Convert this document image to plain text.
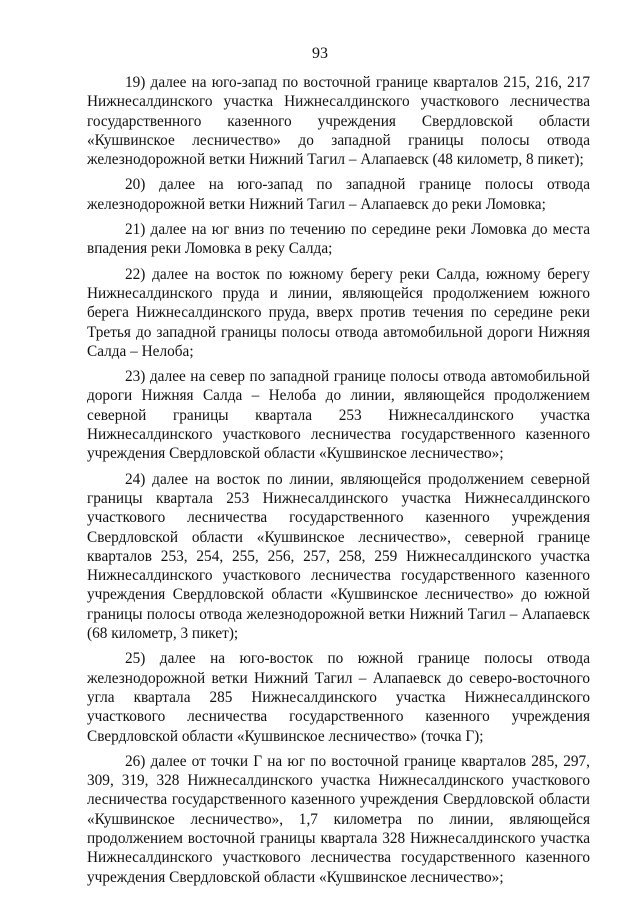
93

19) далее на юго-запад по восточной границе кварталов 215, 216, 217 Нижнесалдинского участка Нижнесалдинского участкового лесничества государственного казенного учреждения Свердловской области «Кушвинское лесничество» до западной границы полосы отвода железнодорожной ветки Нижний Тагил – Алапаевск (48 километр, 8 пикет);

20) далее на юго-запад по западной границе полосы отвода железнодорожной ветки Нижний Тагил – Алапаевск до реки Ломовка;

21) далее на юг вниз по течению по середине реки Ломовка до места впадения реки Ломовка в реку Салда;

22) далее на восток по южному берегу реки Салда, южному берегу Нижнесалдинского пруда и линии, являющейся продолжением южного берега Нижнесалдинского пруда, вверх против течения по середине реки Третья до западной границы полосы отвода автомобильной дороги Нижняя Салда – Нелоба;

23) далее на север по западной границе полосы отвода автомобильной дороги Нижняя Салда – Нелоба до линии, являющейся продолжением северной границы квартала 253 Нижнесалдинского участка Нижнесалдинского участкового лесничества государственного казенного учреждения Свердловской области «Кушвинское лесничество»;

24) далее на восток по линии, являющейся продолжением северной границы квартала 253 Нижнесалдинского участка Нижнесалдинского участкового лесничества государственного казенного учреждения Свердловской области «Кушвинское лесничество», северной границе кварталов 253, 254, 255, 256, 257, 258, 259 Нижнесалдинского участка Нижнесалдинского участкового лесничества государственного казенного учреждения Свердловской области «Кушвинское лесничество» до южной границы полосы отвода железнодорожной ветки Нижний Тагил – Алапаевск (68 километр, 3 пикет);

25) далее на юго-восток по южной границе полосы отвода железнодорожной ветки Нижний Тагил – Алапаевск до северо-восточного угла квартала 285 Нижнесалдинского участка Нижнесалдинского участкового лесничества государственного казенного учреждения Свердловской области «Кушвинское лесничество» (точка Г);

26) далее от точки Г на юг по восточной границе кварталов 285, 297, 309, 319, 328 Нижнесалдинского участка Нижнесалдинского участкового лесничества государственного казенного учреждения Свердловской области «Кушвинское лесничество», 1,7 километра по линии, являющейся продолжением восточной границы квартала 328 Нижнесалдинского участка Нижнесалдинского участкового лесничества государственного казенного учреждения Свердловской области «Кушвинское лесничество»;
